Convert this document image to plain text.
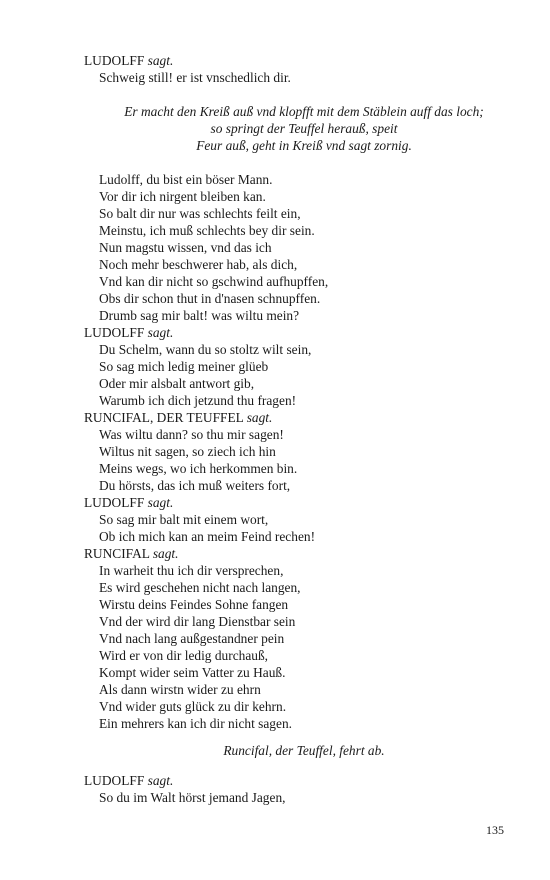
LUDOLFF sagt.
Schweig still! er ist vnschedlich dir.
Er macht den Kreiß auß vnd klopfft mit dem Stäblein auff das loch;
so springt der Teuffel herauß, speit
Feur auß, geht in Kreiß vnd sagt zornig.
Ludolff, du bist ein böser Mann.
Vor dir ich nirgent bleiben kan.
So balt dir nur was schlechts feilt ein,
Meinstu, ich muß schlechts bey dir sein.
Nun magstu wissen, vnd das ich
Noch mehr beschwerer hab, als dich,
Vnd kan dir nicht so gschwind aufhupffen,
Obs dir schon thut in d'nasen schnupffen.
Drumb sag mir balt! was wiltu mein?
LUDOLFF sagt.
Du Schelm, wann du so stoltz wilt sein,
So sag mich ledig meiner glüeb
Oder mir alsbalt antwort gib,
Warumb ich dich jetzund thu fragen!
RUNCIFAL, DER TEUFFEL sagt.
Was wiltu dann? so thu mir sagen!
Wiltus nit sagen, so ziech ich hin
Meins wegs, wo ich herkommen bin.
Du hörsts, das ich muß weiters fort,
LUDOLFF sagt.
So sag mir balt mit einem wort,
Ob ich mich kan an meim Feind rechen!
RUNCIFAL sagt.
In warheit thu ich dir versprechen,
Es wird geschehen nicht nach langen,
Wirstu deins Feindes Sohne fangen
Vnd der wird dir lang Dienstbar sein
Vnd nach lang außgestandner pein
Wird er von dir ledig durchauß,
Kompt wider seim Vatter zu Hauß.
Als dann wirstn wider zu ehrn
Vnd wider guts glück zu dir kehrn.
Ein mehrers kan ich dir nicht sagen.
Runcifal, der Teuffel, fehrt ab.
LUDOLFF sagt.
So du im Walt hörst jemand Jagen,
135
